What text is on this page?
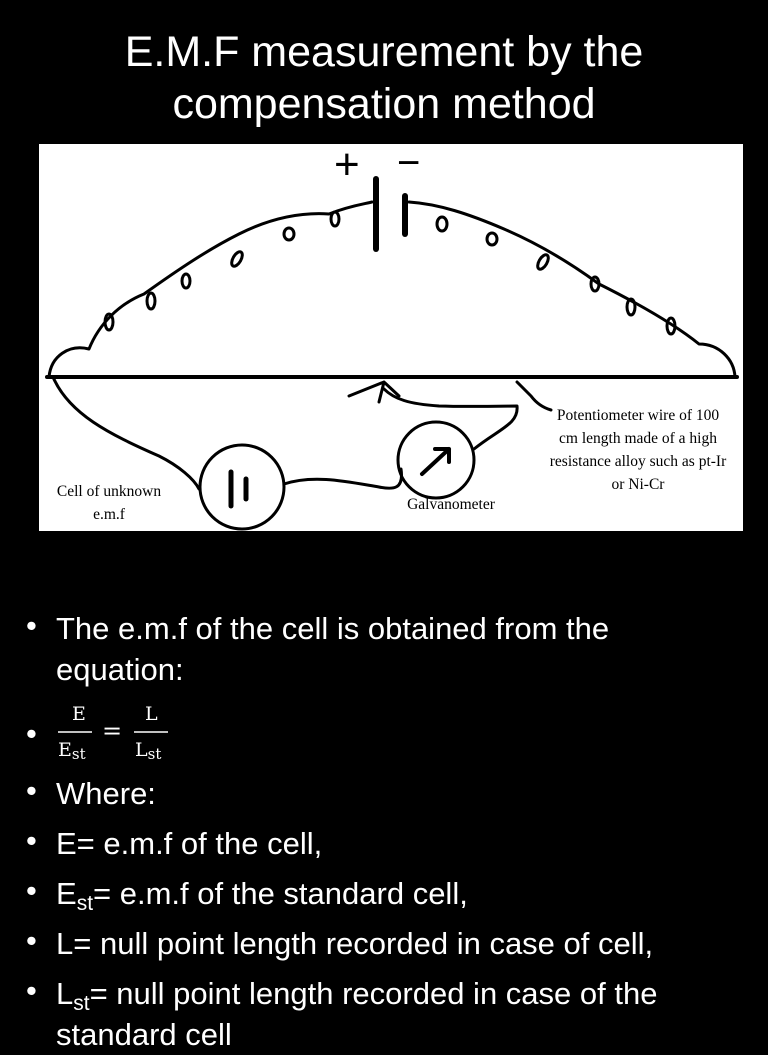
E.M.F measurement by the
compensation method
+ −
Potentiometer wire of 100
cm length made of a high
resistance alloy such as pt-Ir
or Ni-Cr
Cell of unknown
e.m.f
Galvanometer
• The e.m.f of the cell is obtained from the
equation:
•
E
Est
=
L
Lst
• Where:
• E= e.m.f of the cell,
• $E_{st}= e.m.f$ of the standard cell,
• L= null point length recorded in case of cell,
• $L_{st}=$ null point length recorded in case of the
standard cell
